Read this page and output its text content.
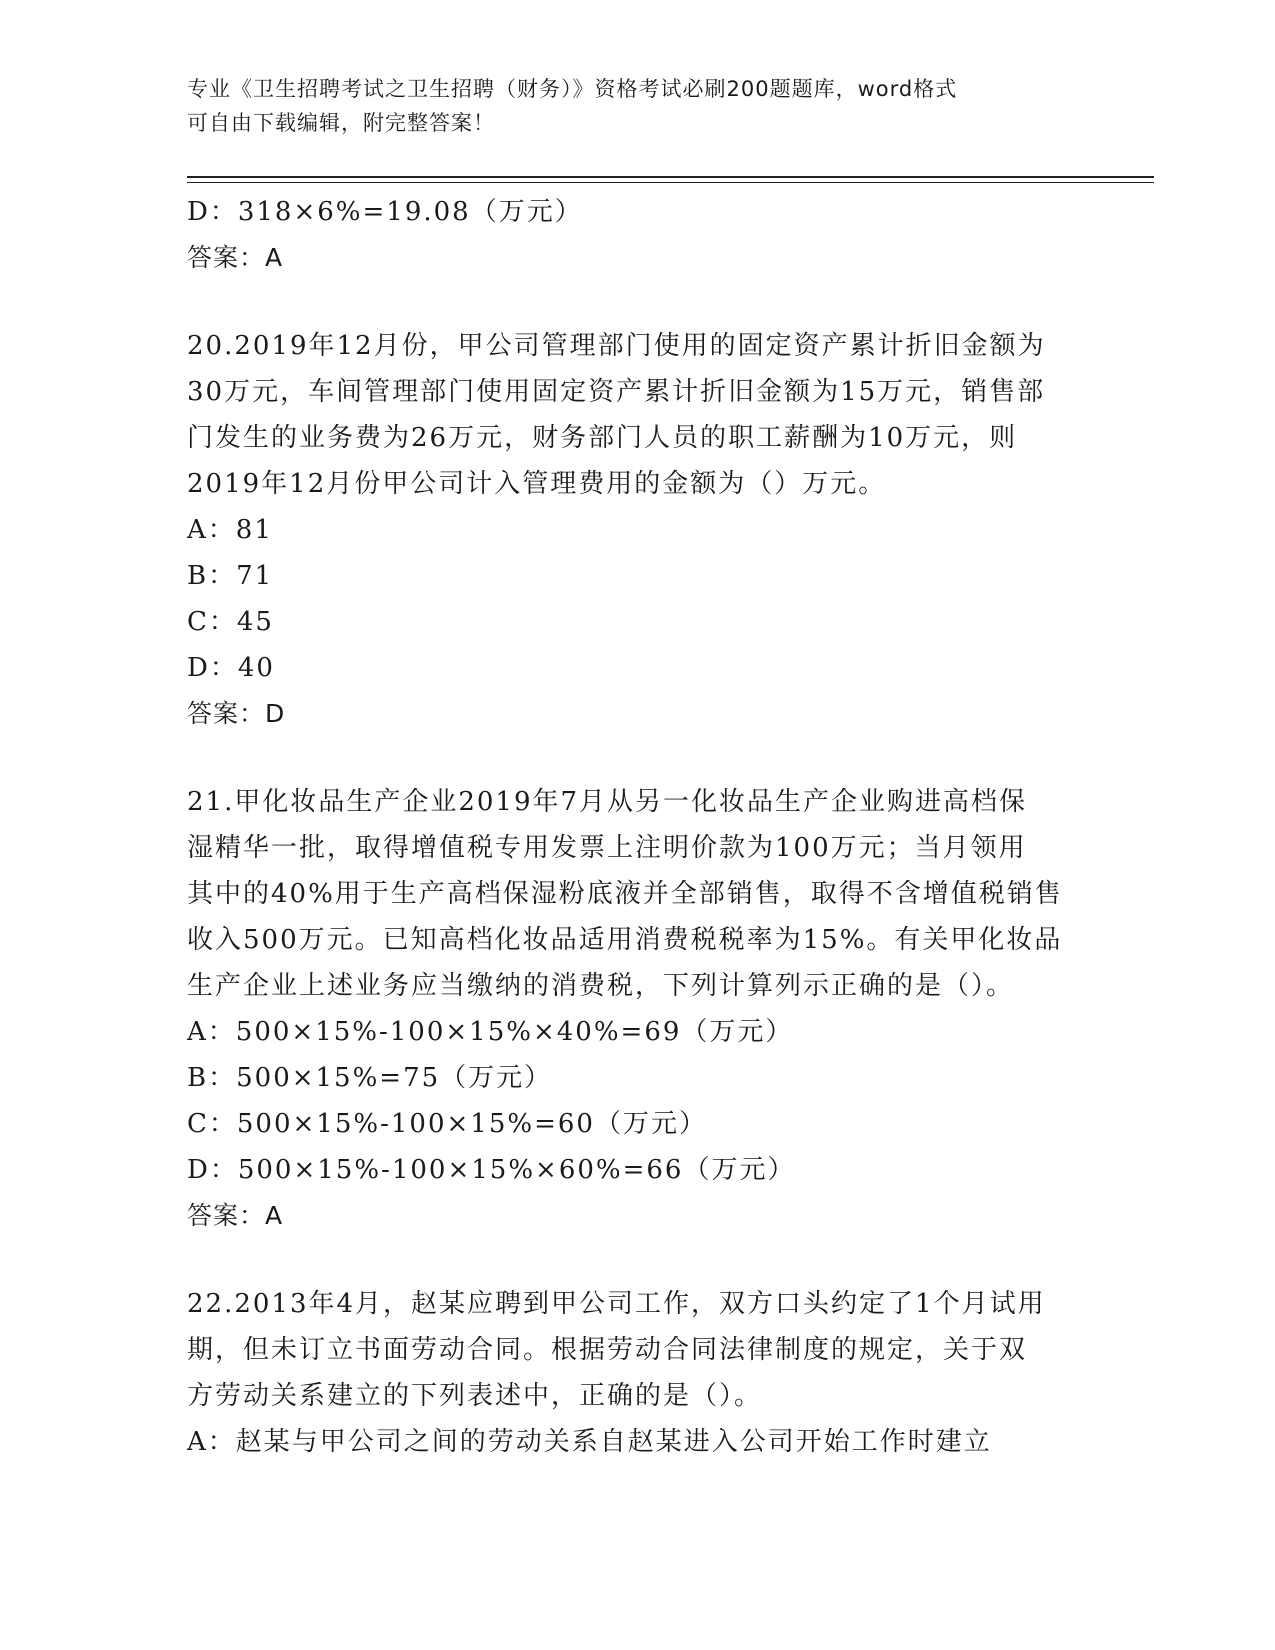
专业《卫生招聘考试之卫生招聘（财务）》资格考试必刷200题题库，word格式
可自由下载编辑，附完整答案！
D：318×6%=19.08（万元）
答案：A
20.2019年12月份，甲公司管理部门使用的固定资产累计折旧金额为
30万元，车间管理部门使用固定资产累计折旧金额为15万元，销售部
门发生的业务费为26万元，财务部门人员的职工薪酬为10万元，则
2019年12月份甲公司计入管理费用的金额为（）万元。
A：81
B：71
C：45
D：40
答案：D
21.甲化妆品生产企业2019年7月从另一化妆品生产企业购进高档保
湿精华一批，取得增值税专用发票上注明价款为100万元；当月领用
其中的40%用于生产高档保湿粉底液并全部销售，取得不含增值税销售
收入500万元。已知高档化妆品适用消费税税率为15%。有关甲化妆品
生产企业上述业务应当缴纳的消费税，下列计算列示正确的是（）。
A：500×15%-100×15%×40%=69（万元）
B：500×15%=75（万元）
C：500×15%-100×15%=60（万元）
D：500×15%-100×15%×60%=66（万元）
答案：A
22.2013年4月，赵某应聘到甲公司工作，双方口头约定了1个月试用
期，但未订立书面劳动合同。根据劳动合同法律制度的规定，关于双
方劳动关系建立的下列表述中，正确的是（）。
A：赵某与甲公司之间的劳动关系自赵某进入公司开始工作时建立
